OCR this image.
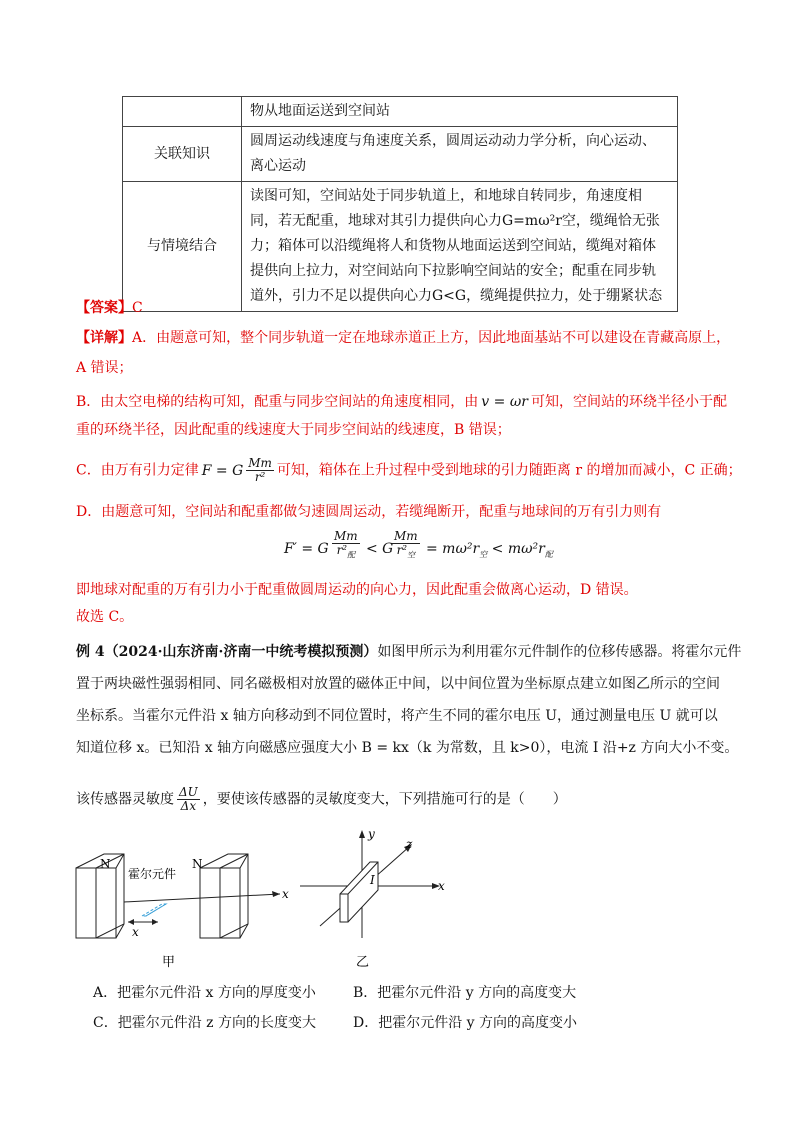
	物从地面运送到空间站
关联知识	圆周运动线速度与角速度关系，圆周运动动力学分析，向心运动、离心运动
与情境结合	读图可知，空间站处于同步轨道上，和地球自转同步，角速度相同，若无配重，地球对其引力提供向心力G=mω²r空，缆绳恰无张力；箱体可以沿缆绳将人和货物从地面运送到空间站，缆绳对箱体提供向上拉力，对空间站向下拉影响空间站的安全；配重在同步轨道外，引力不足以提供向心力G<G，缆绳提供拉力，处于绷紧状态
【答案】C
【详解】A．由题意可知，整个同步轨道一定在地球赤道正上方，因此地面基站不可以建设在青藏高原上，
A 错误；
B．由太空电梯的结构可知，配重与同步空间站的角速度相同，由 v = ωr 可知，空间站的环绕半径小于配
重的环绕半径，因此配重的线速度大于同步空间站的线速度，B 错误；
C．由万有引力定律 F = G $\frac{Mm}{\text{r²}}$ 可知，箱体在上升过程中受到地球的引力随距离 r 的增加而减小，C 正确；
D．由题意可知，空间站和配重都做匀速圆周运动，若缆绳断开，配重与地球间的万有引力则有
F′ = G
Mm
$r^2_配 < G$
Mm
$r^2_空 = m\omega^2r_空 < m\omega^2r_配$
即地球对配重的万有引力小于配重做圆周运动的向心力，因此配重会做离心运动，D 错误。
故选 C。
例 4（2024·山东济南·济南一中统考模拟预测）如图甲所示为利用霍尔元件制作的位移传感器。将霍尔元件
置于两块磁性强弱相同、同名磁极相对放置的磁体正中间，以中间位置为坐标原点建立如图乙所示的空间
坐标系。当霍尔元件沿 x 轴方向移动到不同位置时，将产生不同的霍尔电压 U，通过测量电压 U 就可以
知道位移 x。已知沿 x 轴方向磁感应强度大小 B = kx（k 为常数，且 k>0），电流 I 沿+z 方向大小不变。
该传感器灵敏度 $\frac{\Delta U}{\Delta x}$ ，要使该传感器的灵敏度变大，下列措施可行的是（　　）
N	N
霍尔元件
x
x
甲
y
x
z
I
乙
A．把霍尔元件沿 x 方向的厚度变小	B．把霍尔元件沿 y 方向的高度变大
C．把霍尔元件沿 z 方向的长度变大	D．把霍尔元件沿 y 方向的高度变小
